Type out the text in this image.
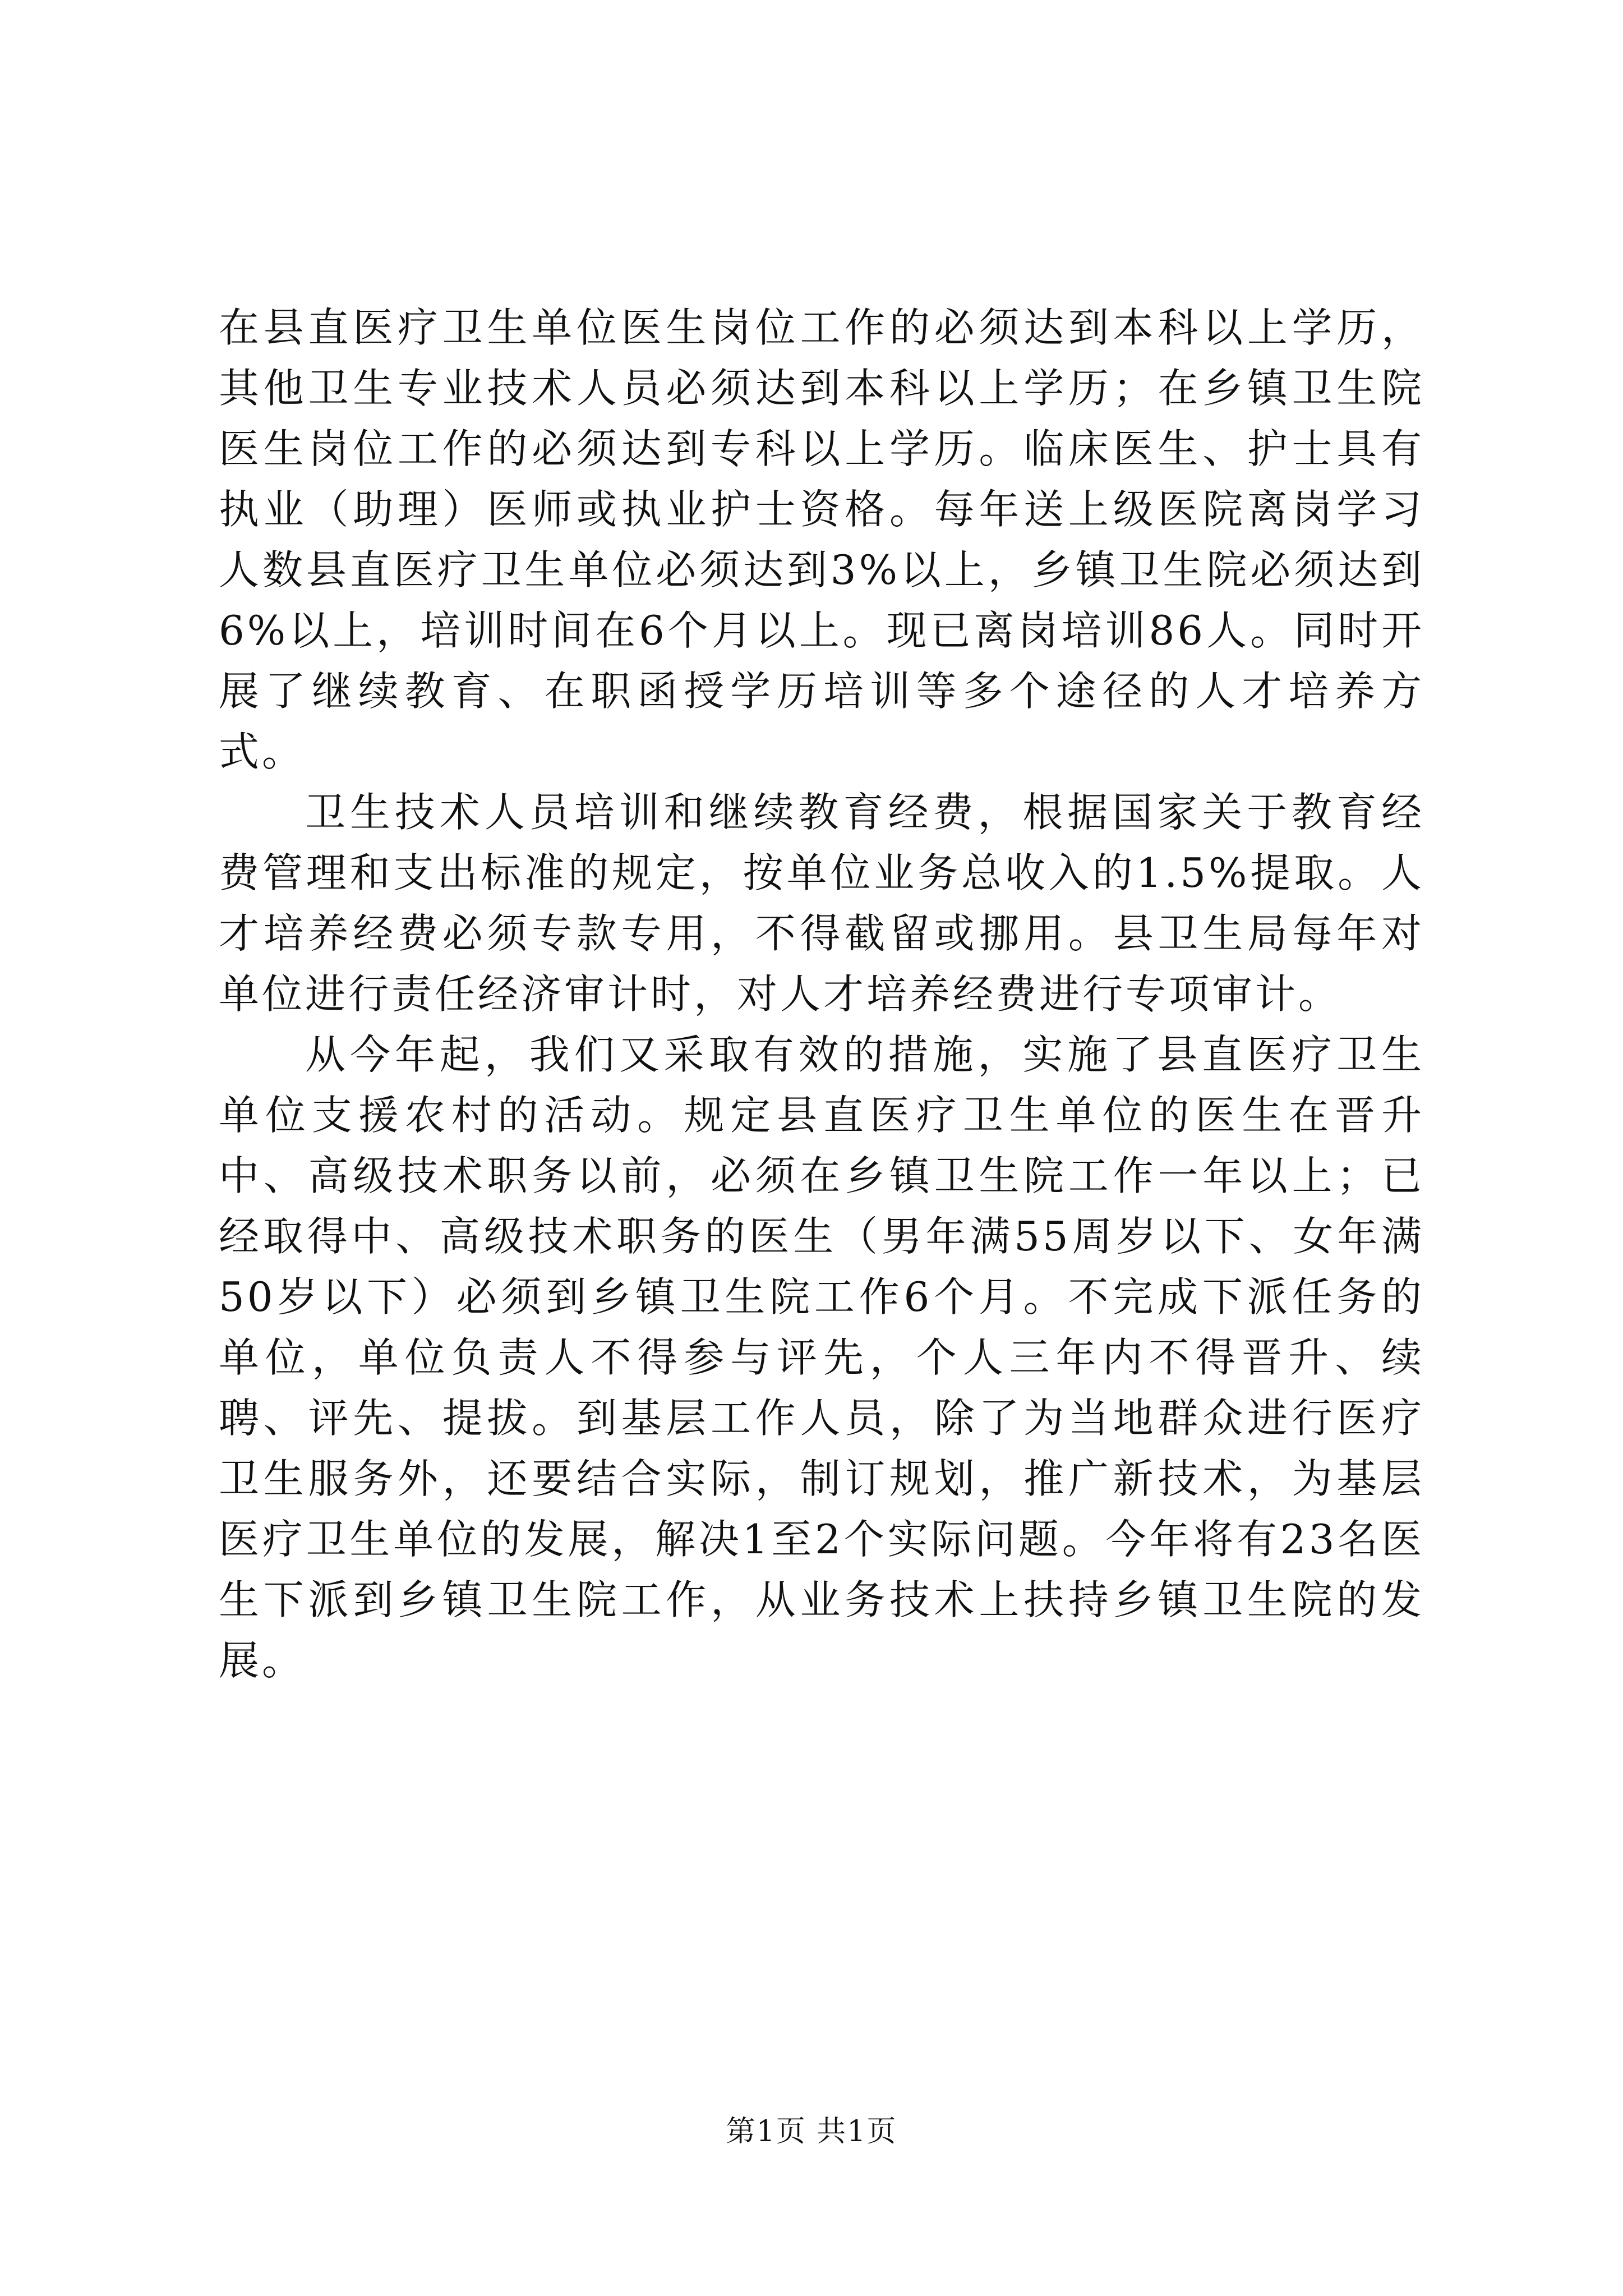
在县直医疗卫生单位医生岗位工作的必须达到本科以上学历，其他卫生专业技术人员必须达到本科以上学历；在乡镇卫生院医生岗位工作的必须达到专科以上学历。临床医生、护士具有执业（助理）医师或执业护士资格。每年送上级医院离岗学习人数县直医疗卫生单位必须达到3%以上，乡镇卫生院必须达到6%以上，培训时间在6个月以上。现已离岗培训86人。同时开展了继续教育、在职函授学历培训等多个途径的人才培养方式。

卫生技术人员培训和继续教育经费，根据国家关于教育经费管理和支出标准的规定，按单位业务总收入的1.5%提取。人才培养经费必须专款专用，不得截留或挪用。县卫生局每年对单位进行责任经济审计时，对人才培养经费进行专项审计。

从今年起，我们又采取有效的措施，实施了县直医疗卫生单位支援农村的活动。规定县直医疗卫生单位的医生在晋升中、高级技术职务以前，必须在乡镇卫生院工作一年以上；已经取得中、高级技术职务的医生（男年满55周岁以下、女年满50岁以下）必须到乡镇卫生院工作6个月。不完成下派任务的单位，单位负责人不得参与评先，个人三年内不得晋升、续聘、评先、提拔。到基层工作人员，除了为当地群众进行医疗卫生服务外，还要结合实际，制订规划，推广新技术，为基层医疗卫生单位的发展，解决1至2个实际问题。今年将有23名医生下派到乡镇卫生院工作，从业务技术上扶持乡镇卫生院的发展。

第1页 共1页
